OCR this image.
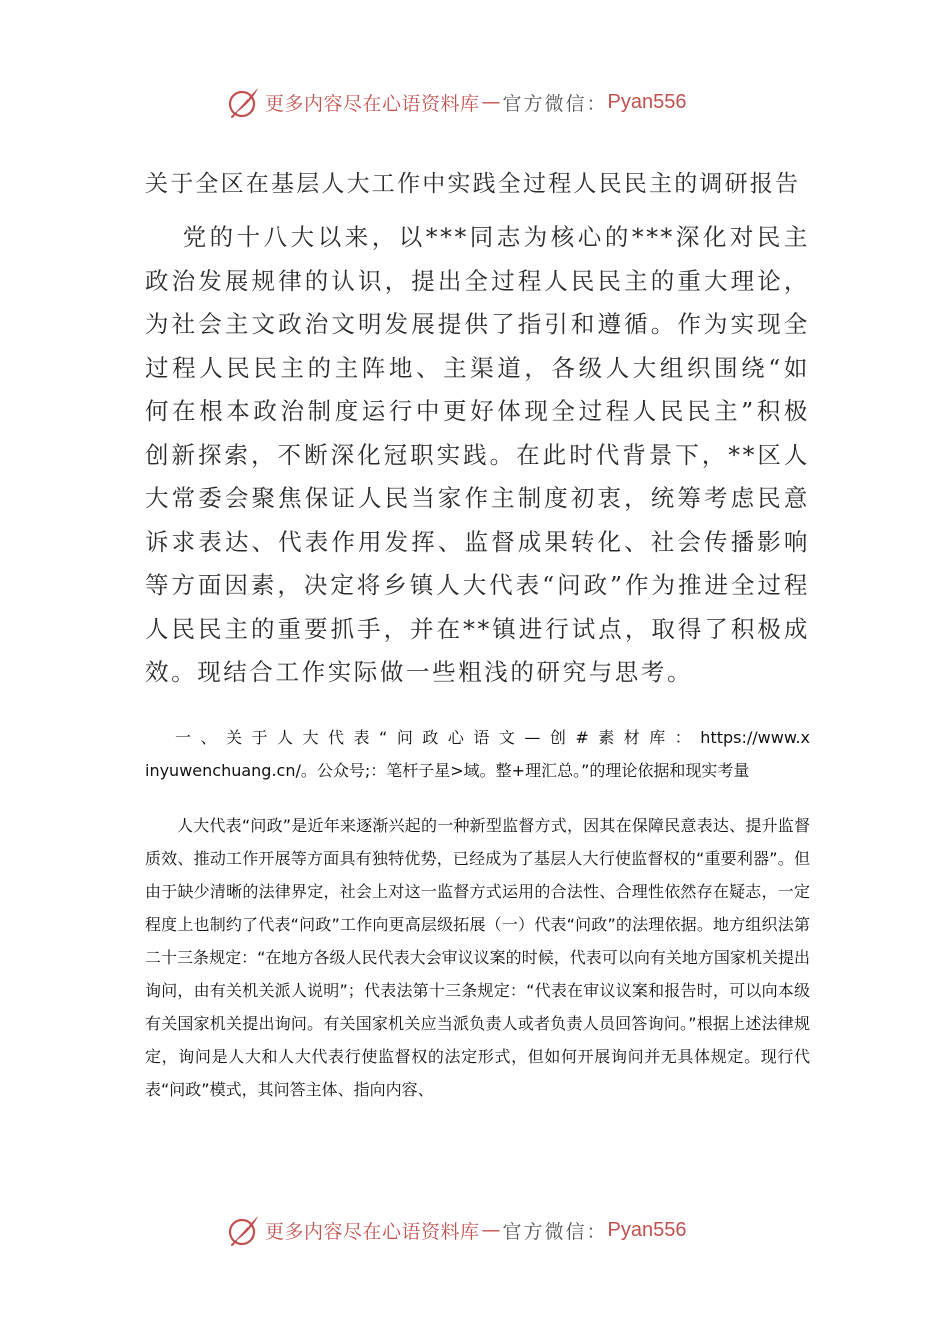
更多内容尽在心语资料库 — 官方微信： Pyan556
关于全区在基层人大工作中实践全过程人民民主的调研报告

党的十八大以来，以***同志为核心的***深化对民主政治发展规律的认识，提出全过程人民民主的重大理论，为社会主文政治文明发展提供了指引和遵循。作为实现全过程人民民主的主阵地、主渠道，各级人大组织围绕“如何在根本政治制度运行中更好体现全过程人民民主”积极创新探索，不断深化冠职实践。在此时代背景下，**区人大常委会聚焦保证人民当家作主制度初衷，统筹考虑民意诉求表达、代表作用发挥、监督成果转化、社会传播影响等方面因素，决定将乡镇人大代表“问政”作为推进全过程人民民主的重要抓手，并在**镇进行试点，取得了积极成效。现结合工作实际做一些粗浅的研究与思考。

一、关于人大代表“问政心语文—创#素材库：https://www.xinyuwenchuang.cn/。公众号;：笔杆子星>域。整+理汇总。”的理论依据和现实考量

人大代表“问政”是近年来逐渐兴起的一种新型监督方式，因其在保障民意表达、提升监督质效、推动工作开展等方面具有独特优势，已经成为了基层人大行使监督权的“重要利器”。但由于缺少清晰的法律界定，社会上对这一监督方式运用的合法性、合理性依然存在疑志，一定程度上也制约了代表“问政”工作向更高层级拓展（一）代表“问政”的法理依据。地方组织法第二十三条规定：“在地方各级人民代表大会审议议案的时候，代表可以向有关地方国家机关提出询问，由有关机关派人说明”；代表法第十三条规定：“代表在审议议案和报告时，可以向本级有关国家机关提出询问。有关国家机关应当派负责人或者负责人员回答询问。”根据上述法律规定，询问是人大和人大代表行使监督权的法定形式，但如何开展询问并无具体规定。现行代表“问政”模式，其问答主体、指向内容、

更多内容尽在心语资料库 — 官方微信： Pyan556
